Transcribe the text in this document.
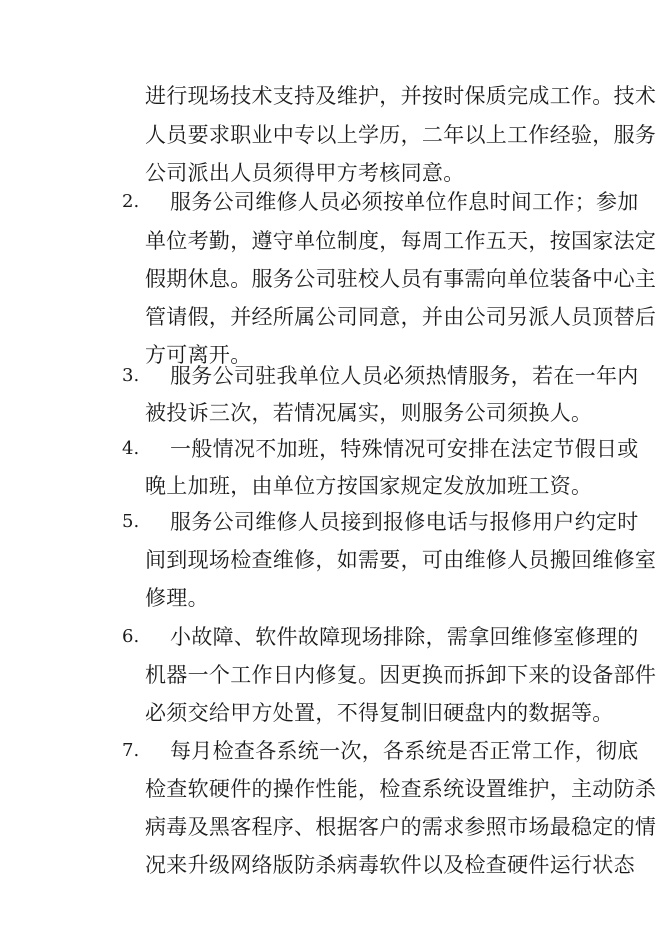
进行现场技术支持及维护，并按时保质完成工作。技术
人员要求职业中专以上学历，二年以上工作经验，服务
公司派出人员须得甲方考核同意。
2.	服务公司维修人员必须按单位作息时间工作；参加
单位考勤，遵守单位制度，每周工作五天，按国家法定
假期休息。服务公司驻校人员有事需向单位装备中心主
管请假，并经所属公司同意，并由公司另派人员顶替后
方可离开。
3.	服务公司驻我单位人员必须热情服务，若在一年内
被投诉三次，若情况属实，则服务公司须换人。
4.	一般情况不加班，特殊情况可安排在法定节假日或
晚上加班，由单位方按国家规定发放加班工资。
5.	服务公司维修人员接到报修电话与报修用户约定时
间到现场检查维修，如需要，可由维修人员搬回维修室
修理。
6.	小故障、软件故障现场排除，需拿回维修室修理的
机器一个工作日内修复。因更换而拆卸下来的设备部件
必须交给甲方处置，不得复制旧硬盘内的数据等。
7.	每月检查各系统一次，各系统是否正常工作，彻底
检查软硬件的操作性能，检查系统设置维护，主动防杀
病毒及黑客程序、根据客户的需求参照市场最稳定的情
况来升级网络版防杀病毒软件以及检查硬件运行状态
